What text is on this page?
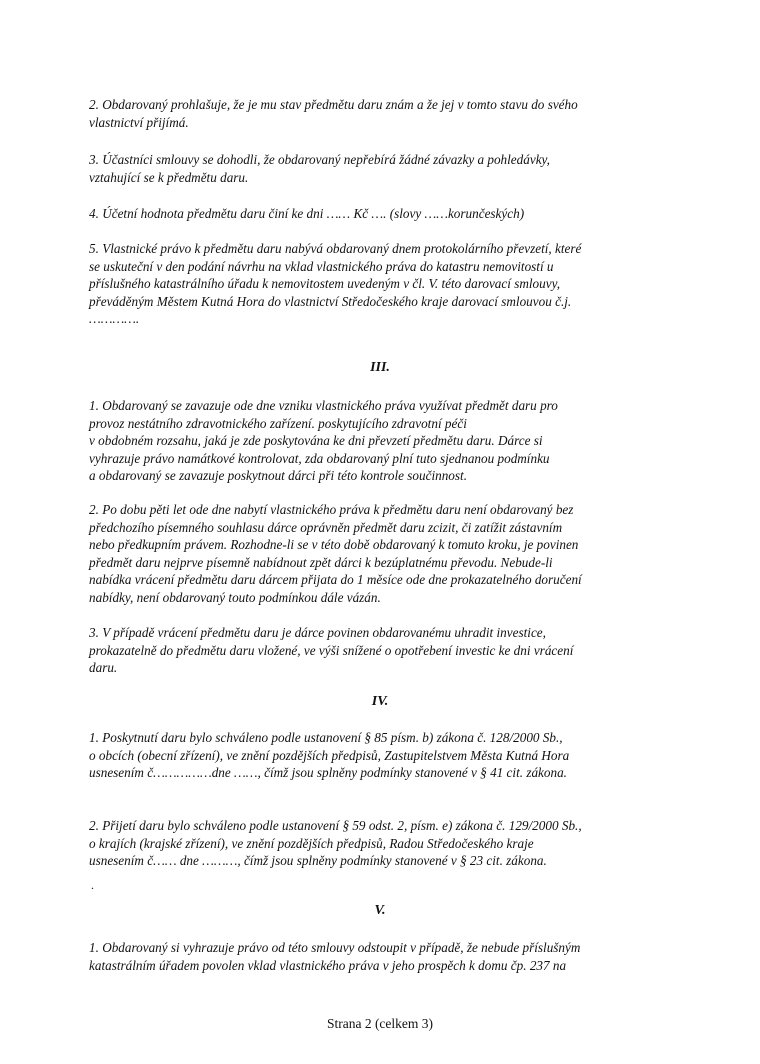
2. Obdarovaný prohlašuje, že je mu stav předmětu daru znám a že jej v tomto stavu do svého
vlastnictví přijímá.

3. Účastníci smlouvy se dohodli, že obdarovaný nepřebírá žádné závazky a pohledávky,
vztahující se k předmětu daru.

4. Účetní hodnota předmětu daru činí ke dni …… Kč …. (slovy ……korunčeských)

5. Vlastnické právo k předmětu daru nabývá obdarovaný dnem protokolárního převzetí, které
se uskuteční v den podání návrhu na vklad vlastnického práva do katastru nemovitostí u
příslušného katastrálního úřadu k nemovitostem uvedeným v čl. V. této darovací smlouvy,
převáděným Městem Kutná Hora do vlastnictví Středočeského kraje darovací smlouvou č.j.
………….

III.

1. Obdarovaný se zavazuje ode dne vzniku vlastnického práva využívat předmět daru pro
provoz nestátního zdravotnického zařízení. poskytujícího zdravotní péči
v obdobném rozsahu, jaká je zde poskytována ke dni převzetí předmětu daru. Dárce si
vyhrazuje právo namátkové kontrolovat, zda obdarovaný plní tuto sjednanou podmínku
a obdarovaný se zavazuje poskytnout dárci při této kontrole součinnost.

2. Po dobu pěti let ode dne nabytí vlastnického práva k předmětu daru není obdarovaný bez
předchozího písemného souhlasu dárce oprávněn předmět daru zcizit, či zatížit zástavním
nebo předkupním právem. Rozhodne-li se v této době obdarovaný k tomuto kroku, je povinen
předmět daru nejprve písemně nabídnout zpět dárci k bezúplatnému převodu. Nebude-li
nabídka vrácení předmětu daru dárcem přijata do 1 měsíce ode dne prokazatelného doručení
nabídky, není obdarovaný touto podmínkou dále vázán.

3. V případě vrácení předmětu daru je dárce povinen obdarovanému uhradit investice,
prokazatelně do předmětu daru vložené, ve výši snížené o opotřebení investic ke dni vrácení
daru.

IV.

1. Poskytnutí daru bylo schváleno podle ustanovení § 85 písm. b) zákona č. 128/2000 Sb.,
o obcích (obecní zřízení), ve znění pozdějších předpisů, Zastupitelstvem Města Kutná Hora
usnesením č……………dne ……, čímž jsou splněny podmínky stanovené v § 41 cit. zákona.

2. Přijetí daru bylo schváleno podle ustanovení § 59 odst. 2, písm. e) zákona č. 129/2000 Sb.,
o krajích (krajské zřízení), ve znění pozdějších předpisů, Radou Středočeského kraje
usnesením č…… dne ………, čímž jsou splněny podmínky stanovené v § 23 cit. zákona.

.
V.

1. Obdarovaný si vyhrazuje právo od této smlouvy odstoupit v případě, že nebude příslušným
katastrálním úřadem povolen vklad vlastnického práva v jeho prospěch k domu čp. 237 na

Strana 2 (celkem 3)
